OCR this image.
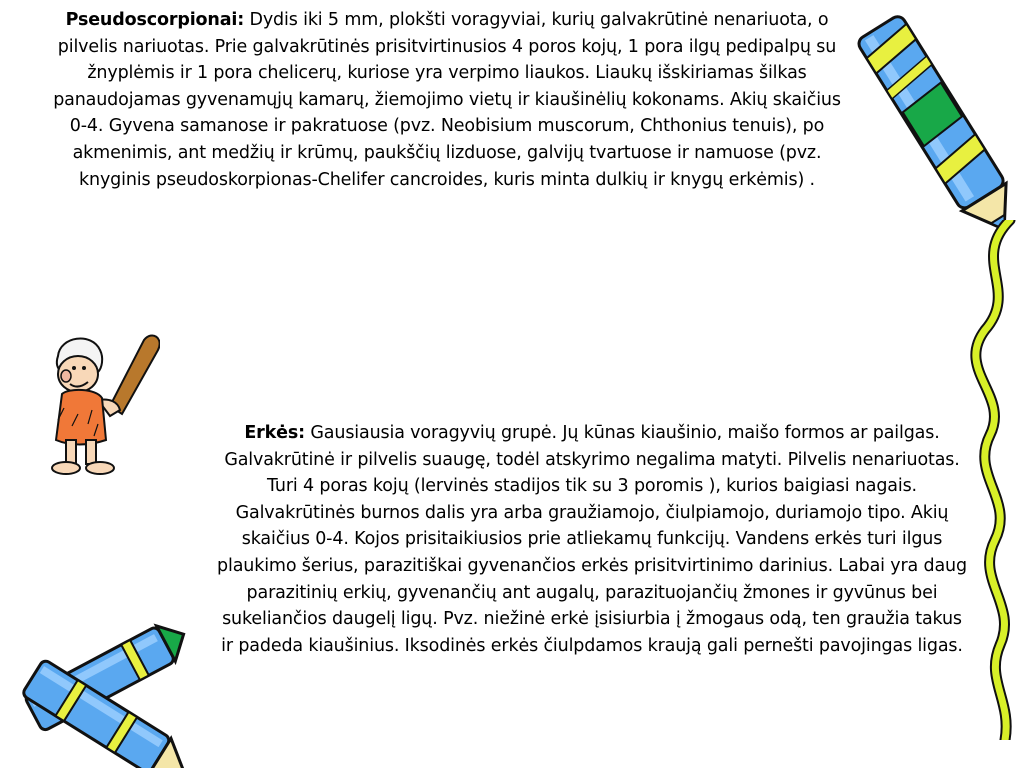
Pseudoscorpionai: Dydis iki 5 mm, plokšti voragyviai, kurių galvakrūtinė nenariuota, o pilvelis nariuotas. Prie galvakrūtinės prisitvirtinusios 4 poros kojų, 1 pora ilgų pedipalpų su žnyplėmis ir 1 pora chelicerų, kuriose yra verpimo liaukos. Liaukų išskiriamas šilkas panaudojamas gyvenamųjų kamarų, žiemojimo vietų ir kiaušinėlių kokonams. Akių skaičius 0-4. Gyvena samanose ir pakratuose (pvz. Neobisium muscorum, Chthonius tenuis), po akmenimis, ant medžių ir krūmų, paukščių lizduose, galvijų tvartuose ir namuose (pvz. knyginis pseudoskorpionas-Chelifer cancroides, kuris minta dulkių ir knygų erkėmis) .
Erkės: Gausiausia voragyvių grupė. Jų kūnas kiaušinio, maišo formos ar pailgas. Galvakrūtinė ir pilvelis suaugę, todėl atskyrimo negalima matyti. Pilvelis nenariuotas. Turi 4 poras kojų (lervinės stadijos tik su 3 poromis ), kurios baigiasi nagais. Galvakrūtinės burnos dalis yra arba graužiamojo, čiulpiamojo, duriamojo tipo. Akių skaičius 0-4. Kojos prisitaikiusios prie atliekamų funkcijų. Vandens erkės turi ilgus plaukimo šerius, parazitiškai gyvenančios erkės prisitvirtinimo darinius. Labai yra daug parazitinių erkių, gyvenančių ant augalų, parazituojančių žmones ir gyvūnus bei sukeliančios daugelį ligų. Pvz. niežinė erkė įsisiurbia į žmogaus odą, ten graužia takus ir padeda kiaušinius. Iksodinės erkės čiulpdamos kraują gali pernešti pavojingas ligas.
